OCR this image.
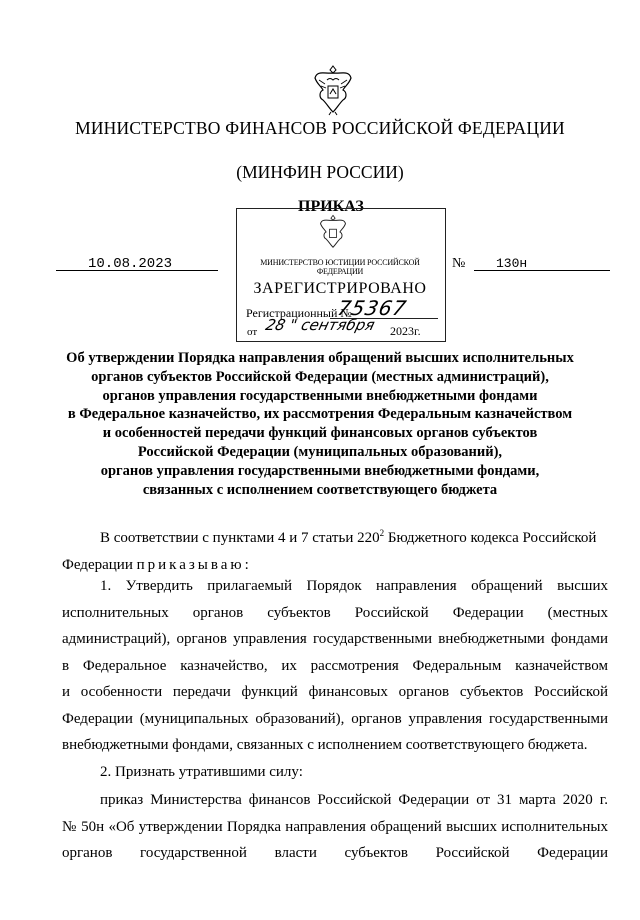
МИНИСТЕРСТВО ФИНАНСОВ РОССИЙСКОЙ ФЕДЕРАЦИИ
(МИНФИН РОССИИ)
ПРИКАЗ
10.08.2023	№ 130н
МИНИСТЕРСТВО ЮСТИЦИИ РОССИЙСКОЙ ФЕДЕРАЦИИ
ЗАРЕГИСТРИРОВАНО
Регистрационный №
75367
от 28 " сентября 2023г.
Об утверждении Порядка направления обращений высших исполнительных
органов субъектов Российской Федерации (местных администраций),
органов управления государственными внебюджетными фондами
в Федеральное казначейство, их рассмотрения Федеральным казначейством
и особенностей передачи функций финансовых органов субъектов
Российской Федерации (муниципальных образований),
органов управления государственными внебюджетными фондами,
связанных с исполнением соответствующего бюджета
В соответствии с пунктами 4 и 7 статьи $220^2$ Бюджетного кодекса Российской
Федерации приказываю:
1. Утвердить прилагаемый Порядок направления обращений высших
исполнительных органов субъектов Российской Федерации (местных
администраций), органов управления государственными внебюджетными фондами
в Федеральное казначейство, их рассмотрения Федеральным казначейством
и особенности передачи функций финансовых органов субъектов Российской
Федерации (муниципальных образований), органов управления государственными
внебюджетными фондами, связанных с исполнением соответствующего бюджета.
2. Признать утратившими силу:
приказ Министерства финансов Российской Федерации от 31 марта 2020 г.
№ 50н «Об утверждении Порядка направления обращений высших исполнительных
органов государственной власти субъектов Российской Федерации
